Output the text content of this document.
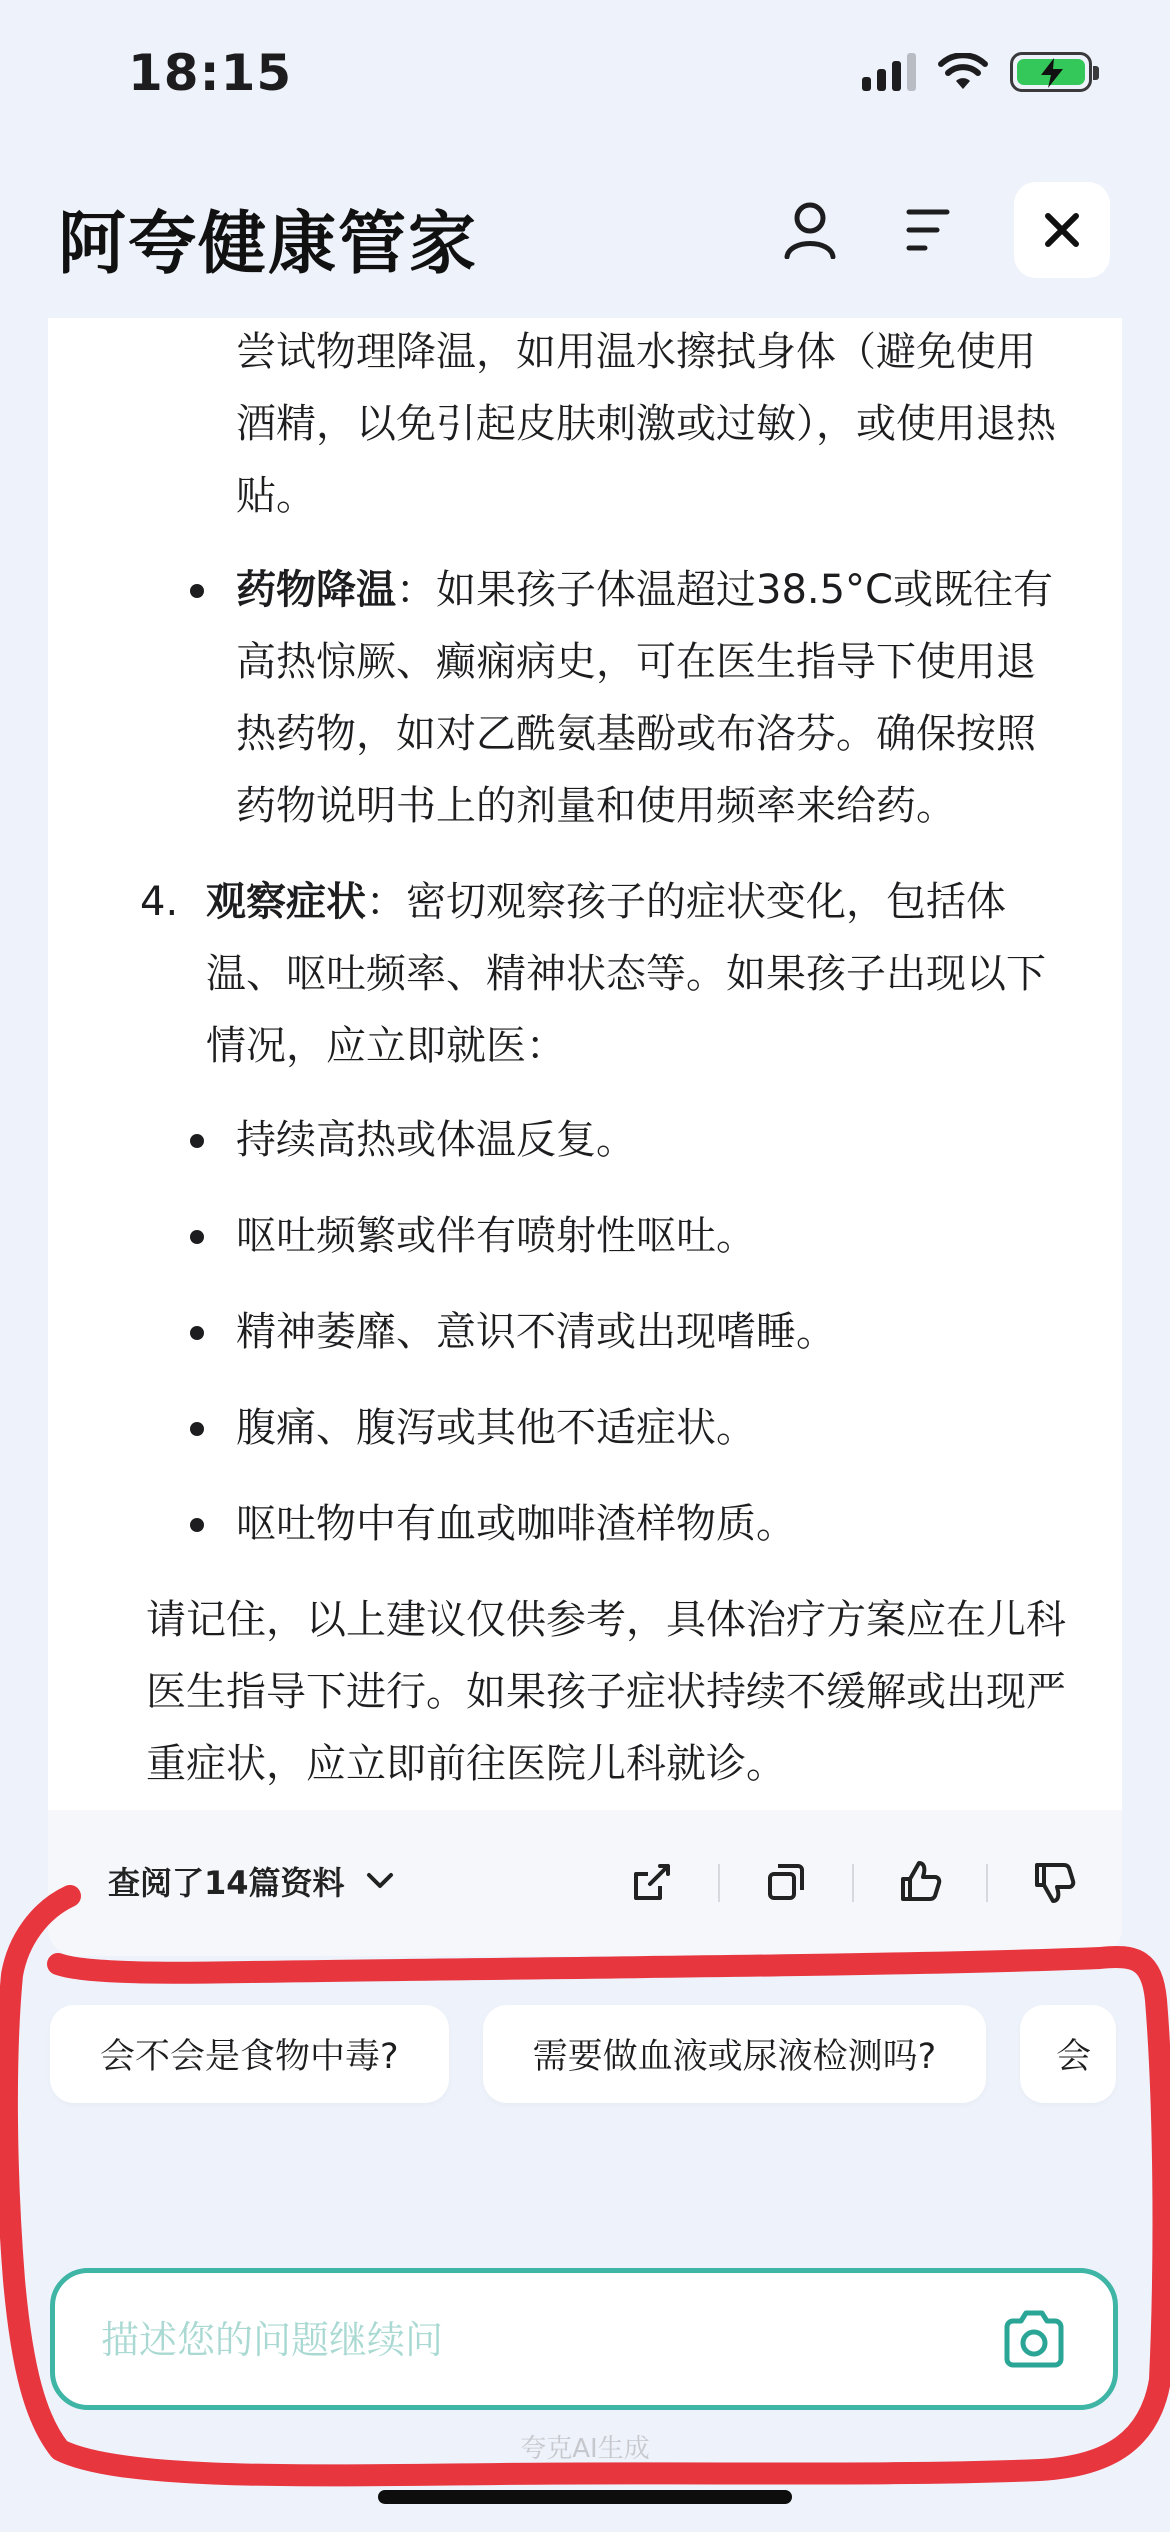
18:15
阿夸健康管家

尝试物理降温，如用温水擦拭身体（避免使用酒精，以免引起皮肤刺激或过敏），或使用退热贴。

药物降温：如果孩子体温超过38.5°C或既往有高热惊厥、癫痫病史，可在医生指导下使用退热药物，如对乙酰氨基酚或布洛芬。确保按照药物说明书上的剂量和使用频率来给药。

4. 观察症状：密切观察孩子的症状变化，包括体温、呕吐频率、精神状态等。如果孩子出现以下情况，应立即就医：

持续高热或体温反复。

呕吐频繁或伴有喷射性呕吐。

精神萎靡、意识不清或出现嗜睡。

腹痛、腹泻或其他不适症状。

呕吐物中有血或咖啡渣样物质。

请记住，以上建议仅供参考，具体治疗方案应在儿科医生指导下进行。如果孩子症状持续不缓解或出现严重症状，应立即前往医院儿科就诊。

查阅了14篇资料
会不会是食物中毒?	需要做血液或尿液检测吗?	会
描述您的问题继续问
夸克AI生成
